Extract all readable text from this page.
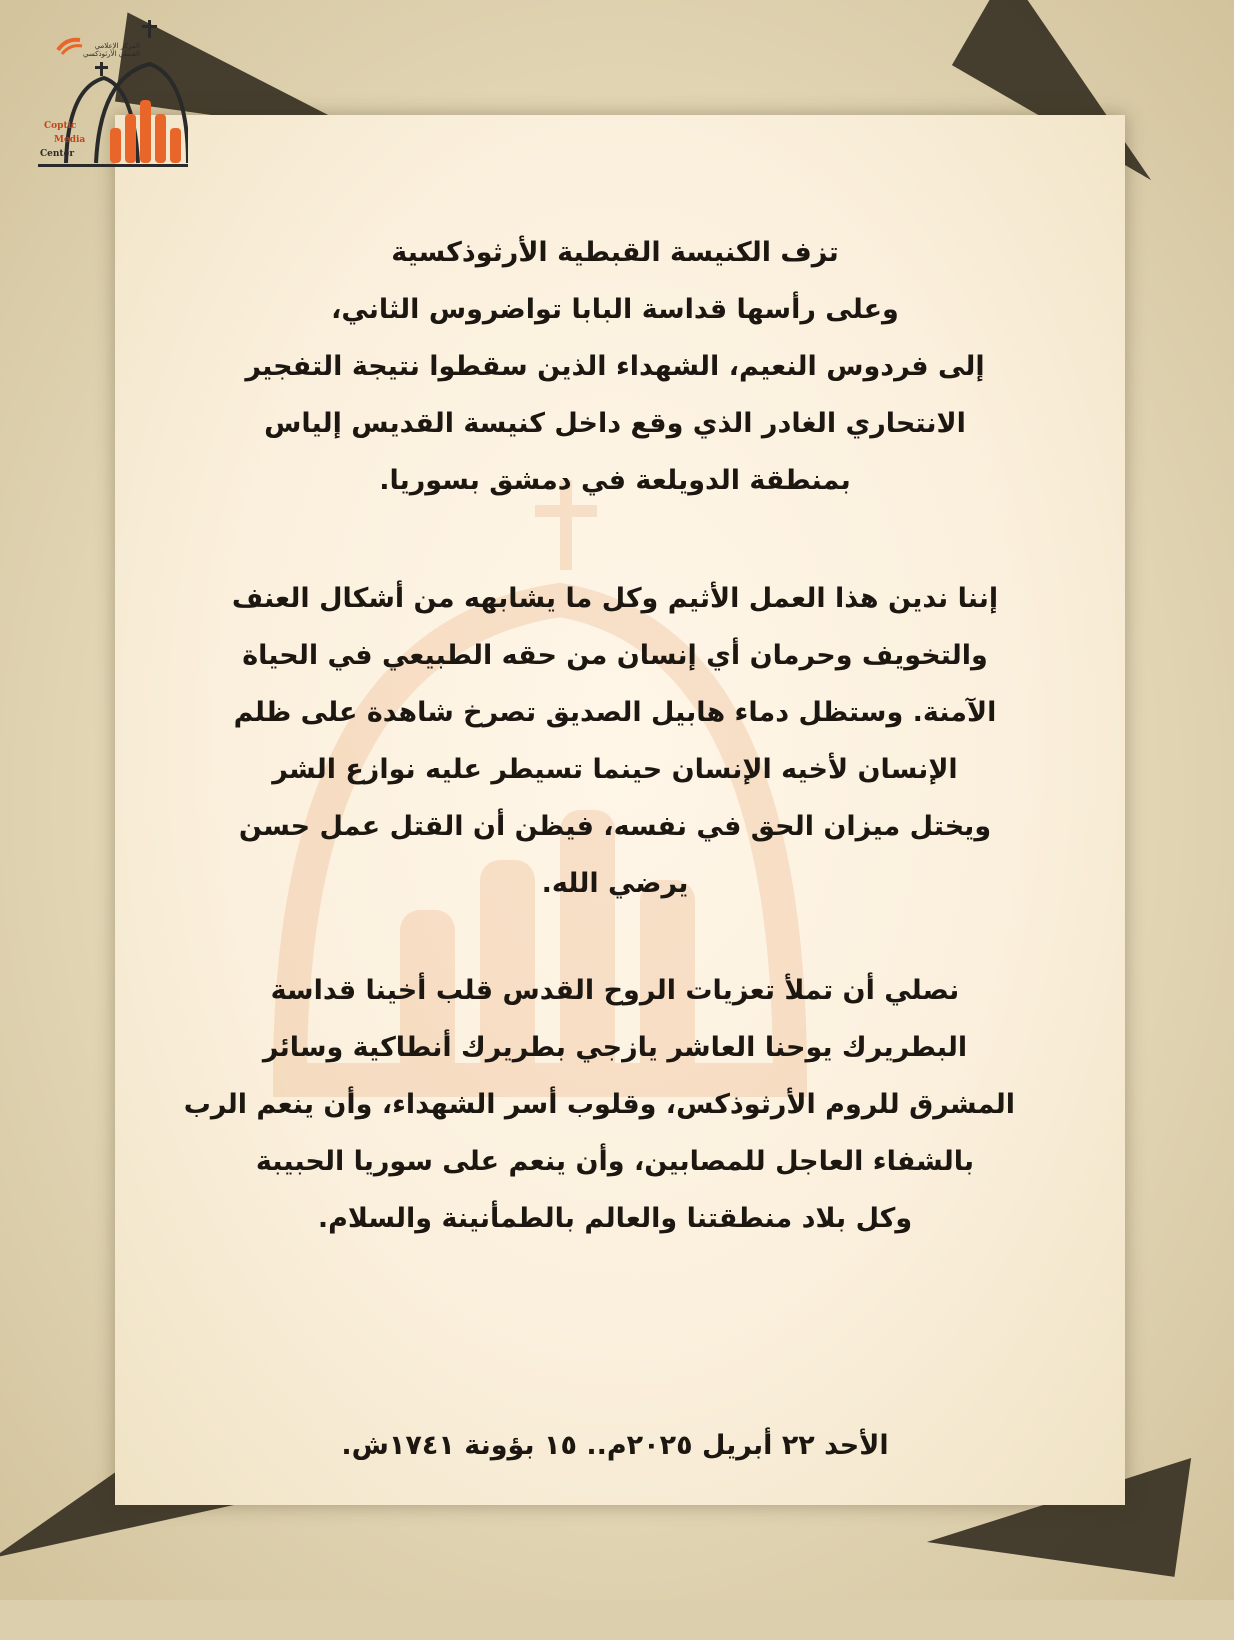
المركز الإعلامي
القبطي الأرثوذكسي
Coptic
Media
Center
تزف الكنيسة القبطية الأرثوذكسية
وعلى رأسها قداسة البابا تواضروس الثاني،
إلى فردوس النعيم، الشهداء الذين سقطوا نتيجة التفجير
الانتحاري الغادر الذي وقع داخل كنيسة القديس إلياس
بمنطقة الدويلعة في دمشق بسوريا.
إننا ندين هذا العمل الأثيم وكل ما يشابهه من أشكال العنف
والتخويف وحرمان أي إنسان من حقه الطبيعي في الحياة
الآمنة. وستظل دماء هابيل الصديق تصرخ شاهدة على ظلم
الإنسان لأخيه الإنسان حينما تسيطر عليه نوازع الشر
ويختل ميزان الحق في نفسه، فيظن أن القتل عمل حسن
يرضي الله.
نصلي أن تملأ تعزيات الروح القدس قلب أخينا قداسة
البطريرك يوحنا العاشر يازجي بطريرك أنطاكية وسائر
المشرق للروم الأرثوذكس، وقلوب أسر الشهداء، وأن ينعم الرب
بالشفاء العاجل للمصابين، وأن ينعم على سوريا الحبيبة
وكل بلاد منطقتنا والعالم بالطمأنينة والسلام.
الأحد ٢٢ أبريل ٢٠٢٥م.. ١٥ بؤونة ١٧٤١ش.
